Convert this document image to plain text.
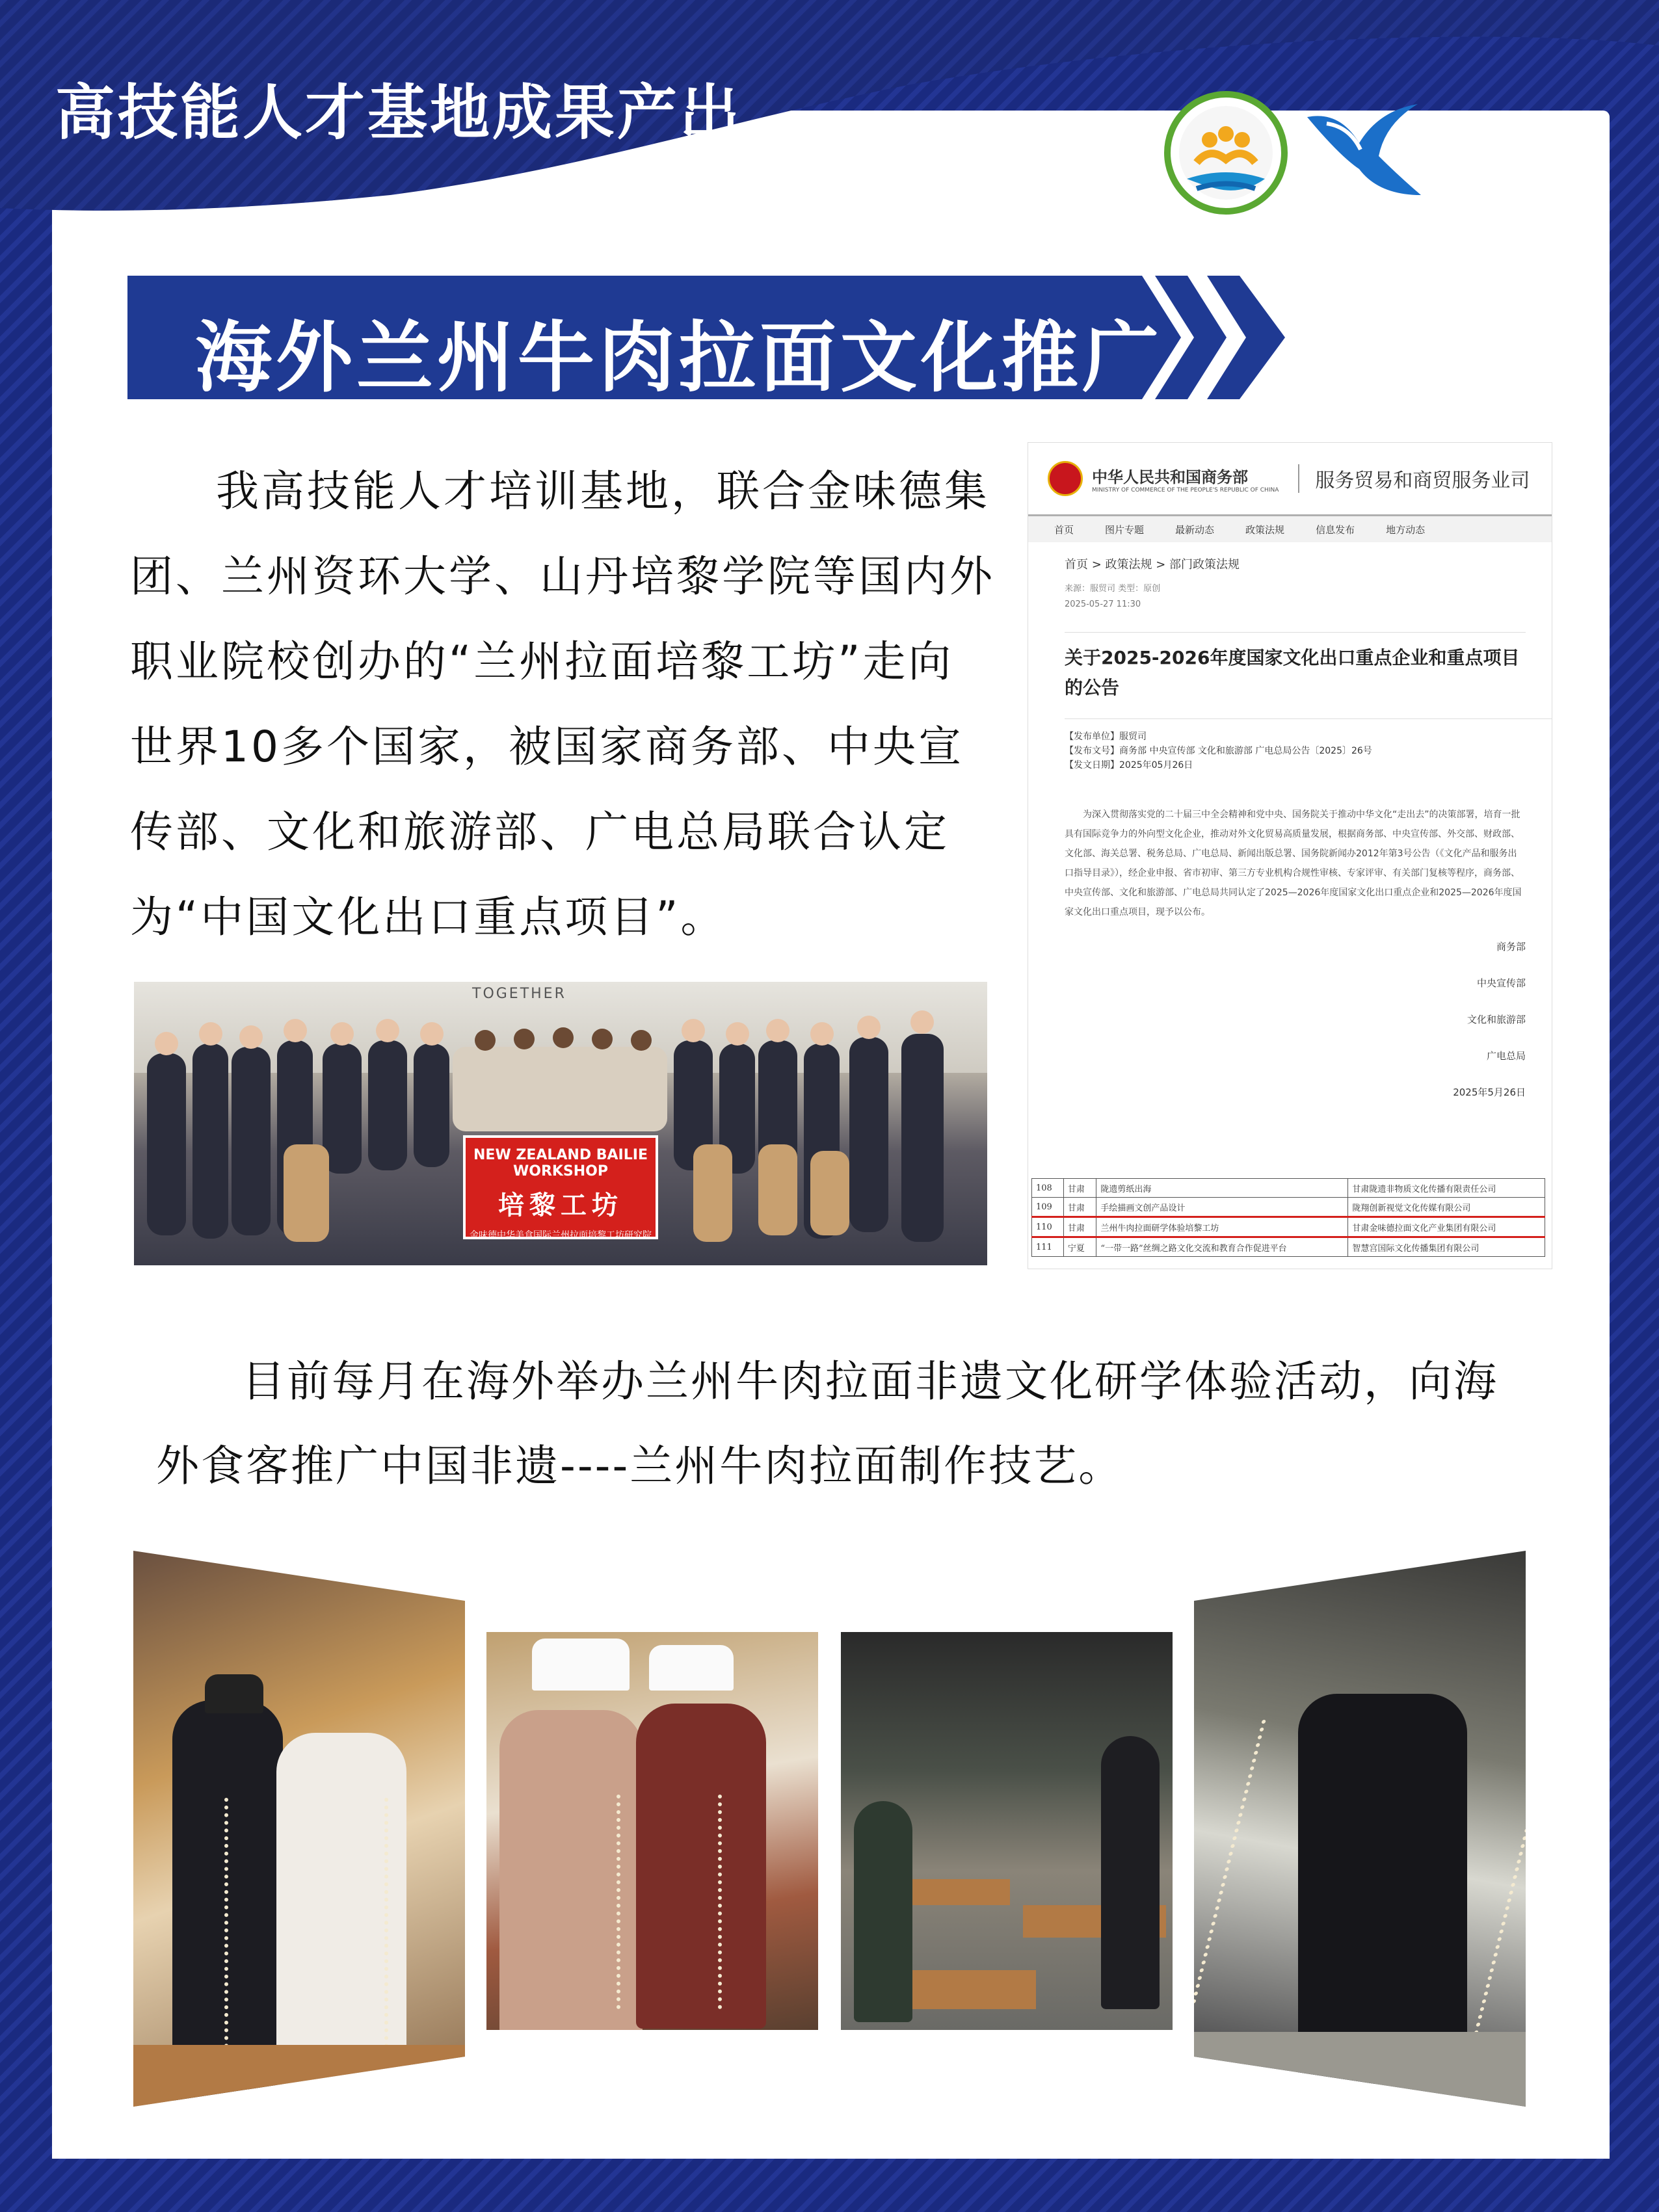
高技能人才基地成果产出
海外兰州牛肉拉面文化推广

我高技能人才培训基地，联合金味德集团、兰州资环大学、山丹培黎学院等国内外职业院校创办的“兰州拉面培黎工坊”走向世界10多个国家，被国家商务部、中央宣传部、文化和旅游部、广电总局联合认定为“中国文化出口重点项目”。

TOGETHER
NEW ZEALAND BAILIE WORKSHOP
培黎工坊
金味德中华美食国际兰州拉面培黎工坊研究院
中华人民共和国商务部
MINISTRY OF COMMERCE OF THE PEOPLE'S REPUBLIC OF CHINA	服务贸易和商贸服务业司
首页	图片专题	最新动态	政策法规	信息发布	地方动态
首页 > 政策法规 > 部门政策法规
来源：服贸司 类型：原创
2025-05-27 11:30
关于2025-2026年度国家文化出口重点企业和重点项目的公告
【发布单位】服贸司
【发布文号】商务部 中央宣传部 文化和旅游部 广电总局公告〔2025〕26号
【发文日期】2025年05月26日
为深入贯彻落实党的二十届三中全会精神和党中央、国务院关于推动中华文化“走出去”的决策部署，培育一批具有国际竞争力的外向型文化企业，推动对外文化贸易高质量发展，根据商务部、中央宣传部、外交部、财政部、文化部、海关总署、税务总局、广电总局、新闻出版总署、国务院新闻办2012年第3号公告（《文化产品和服务出口指导目录》），经企业申报、省市初审、第三方专业机构合规性审核、专家评审、有关部门复核等程序，商务部、中央宣传部、文化和旅游部、广电总局共同认定了2025—2026年度国家文化出口重点企业和2025—2026年度国家文化出口重点项目，现予以公布。
商务部
中央宣传部
文化和旅游部
广电总局
2025年5月26日
108	甘肃	陇遗剪纸出海	甘肃陇遗非物质文化传播有限责任公司
109	甘肃	手绘描画文创产品设计	陇翔创新视觉文化传媒有限公司
110	甘肃	兰州牛肉拉面研学体验培黎工坊	甘肃金味德拉面文化产业集团有限公司
111	宁夏	“一带一路”丝绸之路文化交流和教育合作促进平台	智慧宫国际文化传播集团有限公司

目前每月在海外举办兰州牛肉拉面非遗文化研学体验活动，向海

外食客推广中国非遗----兰州牛肉拉面制作技艺。
